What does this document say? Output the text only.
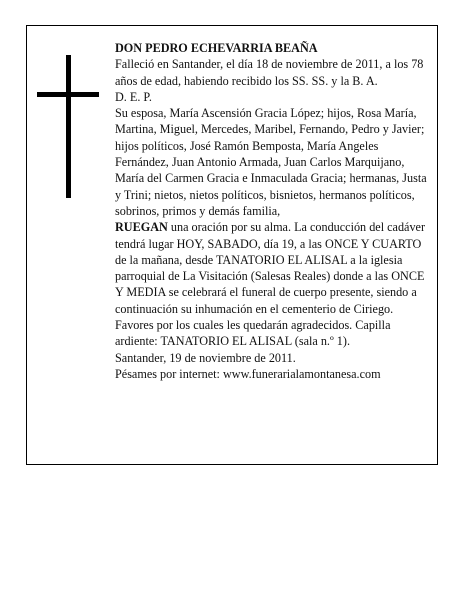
DON PEDRO ECHEVARRIA BEAÑA

Falleció en Santander, el día 18 de noviembre de 2011, a los 78 años de edad, habiendo recibido los SS. SS. y la B. A.

D. E. P.

Su esposa, María Ascensión Gracia López; hijos, Rosa María, Martina, Miguel, Mercedes, Maribel, Fernando, Pedro y Javier; hijos políticos, José Ramón Bemposta, María Angeles Fernández, Juan Antonio Armada, Juan Carlos Marquijano, María del Carmen Gracia e Inmaculada Gracia; hermanas, Justa y Trini; nietos, nietos políticos, bisnietos, hermanos políticos, sobrinos, primos y demás familia,

RUEGAN una oración por su alma. La conducción del cadáver tendrá lugar HOY, SABADO, día 19, a las ONCE Y CUARTO de la mañana, desde TANATORIO EL ALISAL a la iglesia parroquial de La Visitación (Salesas Reales) donde a las ONCE Y MEDIA se celebrará el funeral de cuerpo presente, siendo a continuación su inhumación en el cementerio de Ciriego. Favores por los cuales les quedarán agradecidos. Capilla ardiente: TANATORIO EL ALISAL (sala n.º 1).

Santander, 19 de noviembre de 2011.

Pésames por internet: www.funerarialamontanesa.com
